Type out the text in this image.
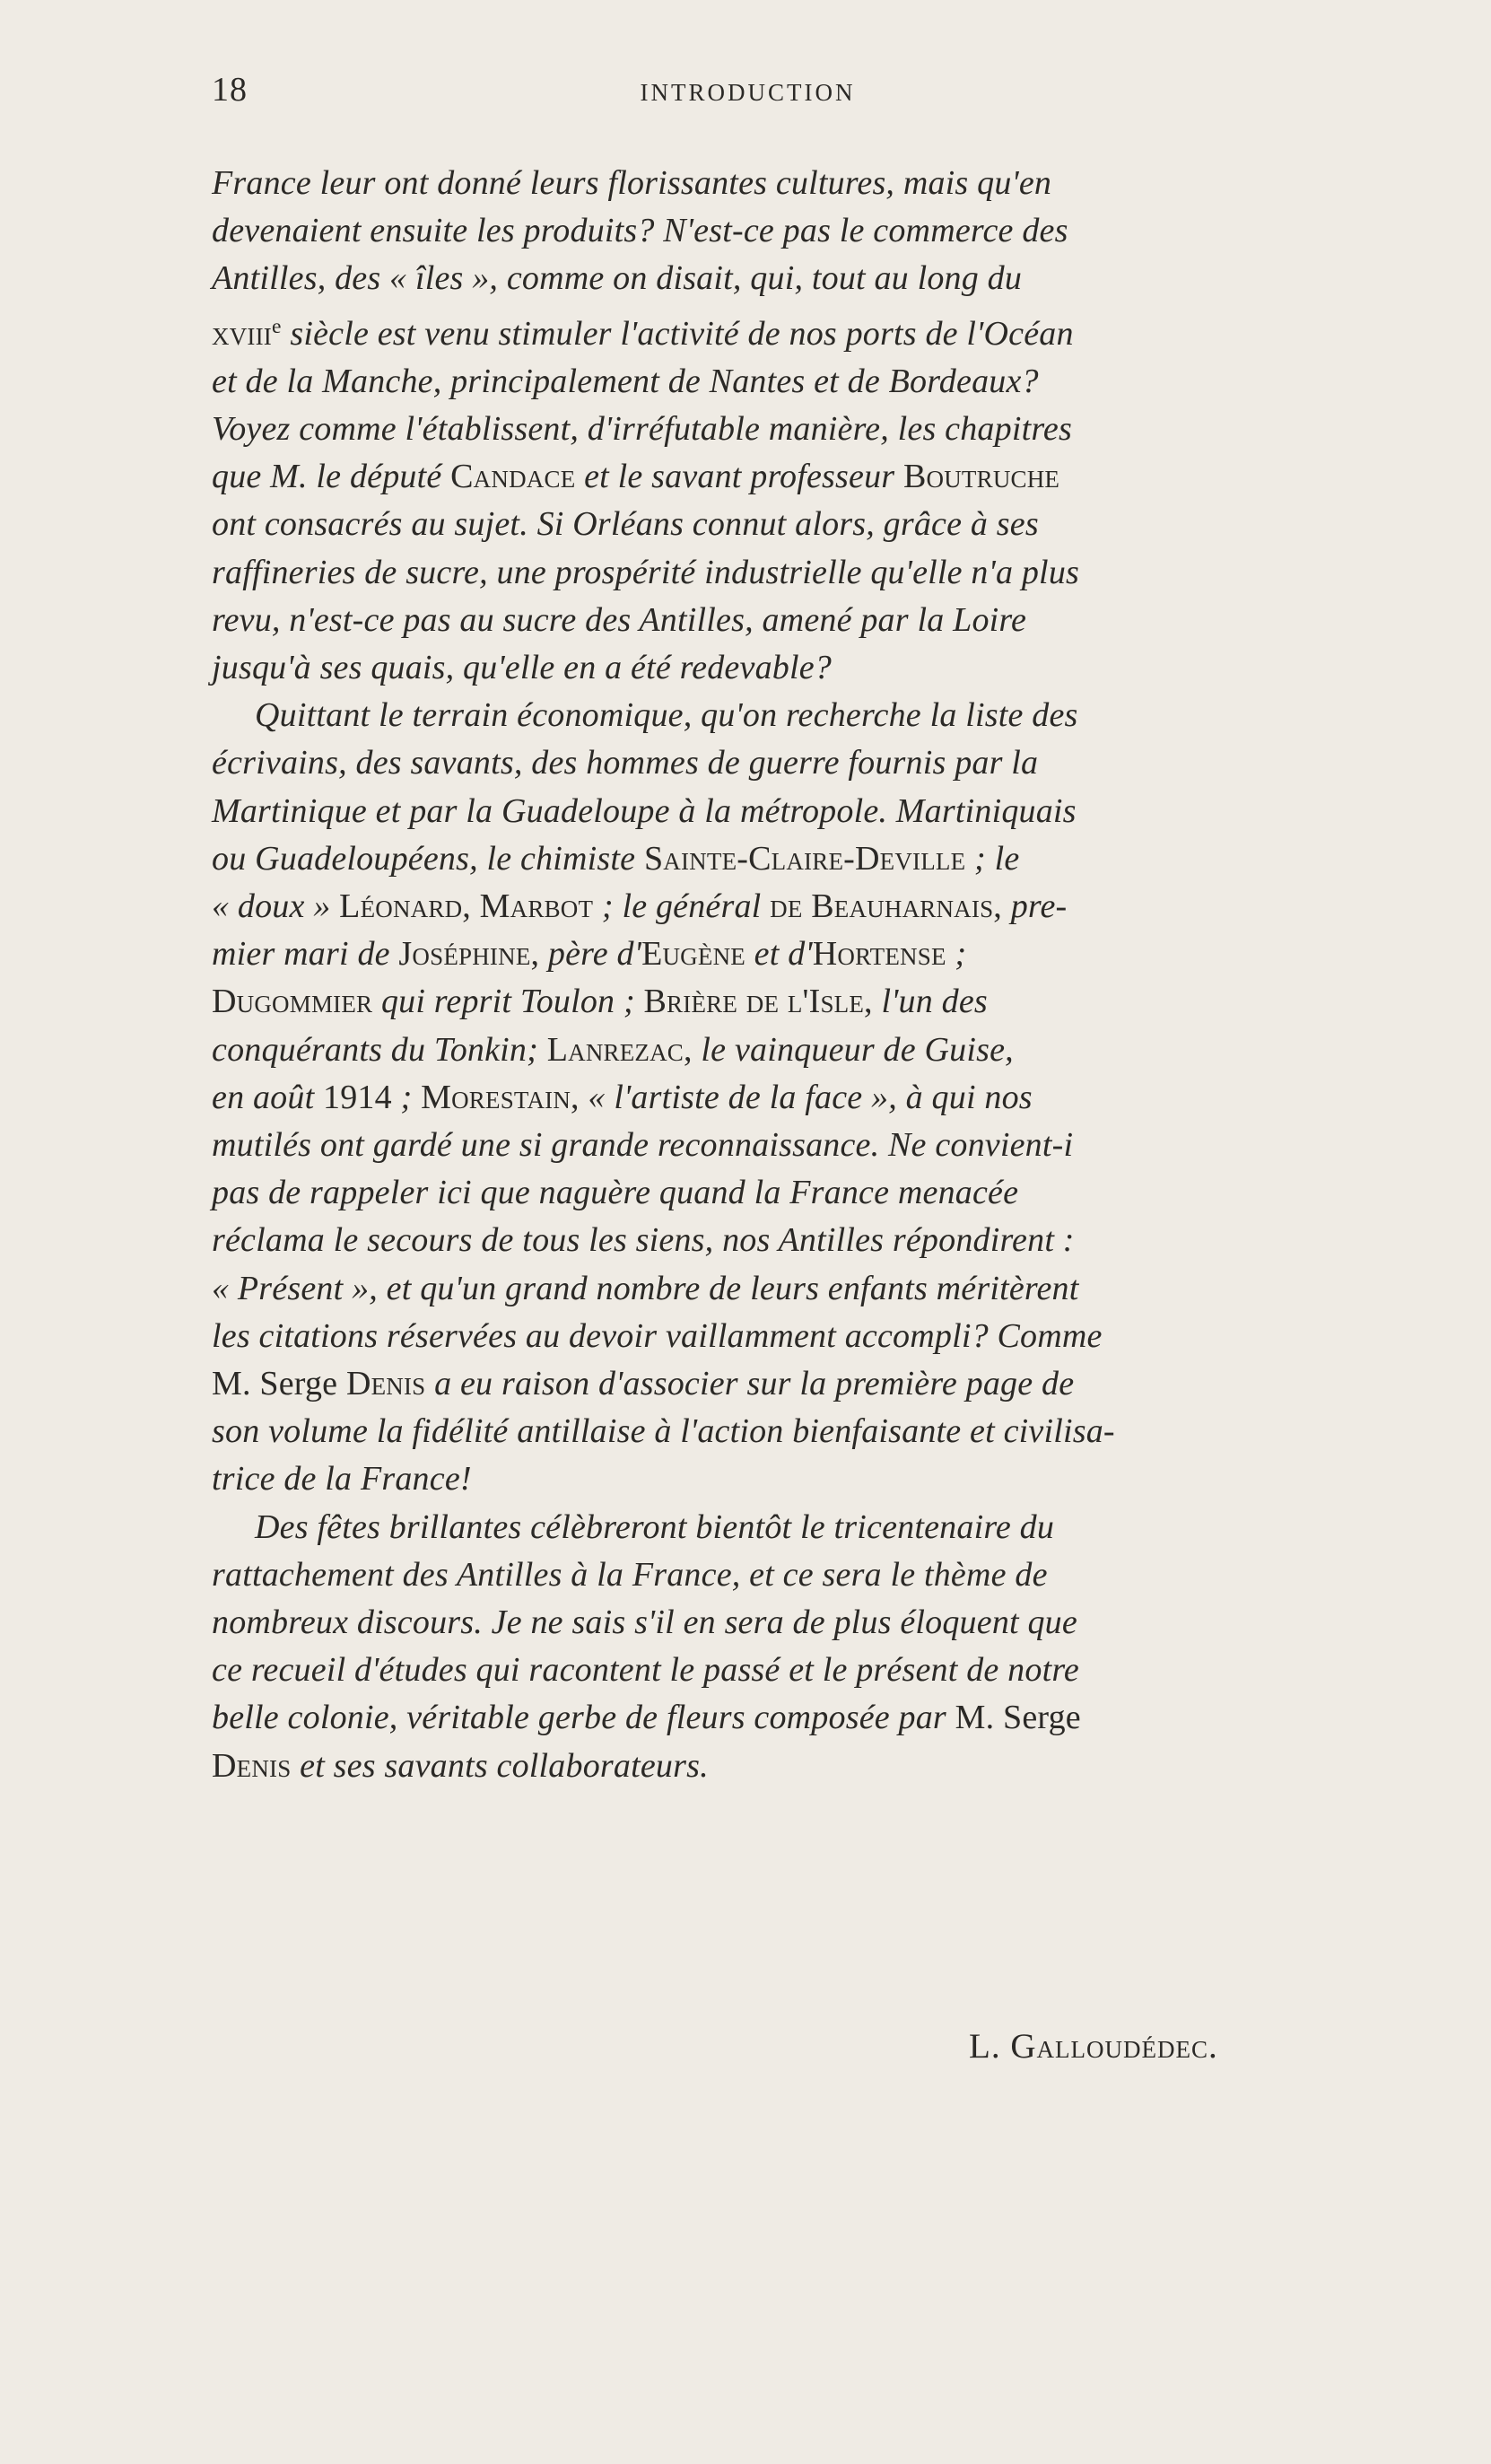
18	INTRODUCTION
France leur ont donné leurs florissantes cultures, mais qu'en
devenaient ensuite les produits? N'est-ce pas le commerce des
Antilles, des « îles », comme on disait, qui, tout au long du
xviii$^e$ siècle est venu stimuler l'activité de nos ports de l'Océan
et de la Manche, principalement de Nantes et de Bordeaux?
Voyez comme l'établissent, d'irréfutable manière, les chapitres
que M. le député Candace et le savant professeur Boutruche
ont consacrés au sujet. Si Orléans connut alors, grâce à ses
raffineries de sucre, une prospérité industrielle qu'elle n'a plus
revu, n'est-ce pas au sucre des Antilles, amené par la Loire
jusqu'à ses quais, qu'elle en a été redevable?
Quittant le terrain économique, qu'on recherche la liste des
écrivains, des savants, des hommes de guerre fournis par la
Martinique et par la Guadeloupe à la métropole. Martiniquais
ou Guadeloupéens, le chimiste Sainte-Claire-Deville ; le
« doux » Léonard, Marbot ; le général de Beauharnais, pre-
mier mari de Joséphine, père d'Eugène et d'Hortense ;
Dugommier qui reprit Toulon ; Brière de l'Isle, l'un des
conquérants du Tonkin; Lanrezac, le vainqueur de Guise,
en août 1914 ; Morestain, « l'artiste de la face », à qui nos
mutilés ont gardé une si grande reconnaissance. Ne convient-i
pas de rappeler ici que naguère quand la France menacée
réclama le secours de tous les siens, nos Antilles répondirent :
« Présent », et qu'un grand nombre de leurs enfants méritèrent
les citations réservées au devoir vaillamment accompli? Comme
M. Serge Denis a eu raison d'associer sur la première page de
son volume la fidélité antillaise à l'action bienfaisante et civilisa-
trice de la France!
Des fêtes brillantes célèbreront bientôt le tricentenaire du
rattachement des Antilles à la France, et ce sera le thème de
nombreux discours. Je ne sais s'il en sera de plus éloquent que
ce recueil d'études qui racontent le passé et le présent de notre
belle colonie, véritable gerbe de fleurs composée par M. Serge
Denis et ses savants collaborateurs.
L. Galloudédec.
